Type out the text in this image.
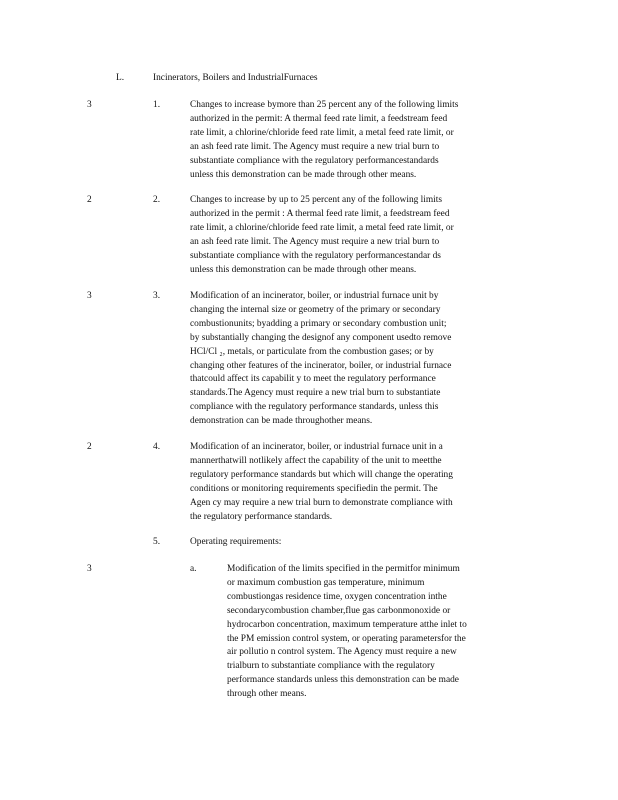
L.	Incinerators, Boilers and IndustrialFurnaces
3	1.	Changes to increase bymore than 25 percent any of the following limits
authorized in the permit: A thermal feed rate limit, a feedstream feed
rate limit, a chlorine/chloride feed rate limit, a metal feed rate limit, or
an ash feed rate limit. The Agency must require a new trial burn to
substantiate compliance with the regulatory performancestandards
unless this demonstration can be made through other means.
2	2.	Changes to increase by up to 25 percent any of the following limits
authorized in the permit : A thermal feed rate limit, a feedstream feed
rate limit, a chlorine/chloride feed rate limit, a metal feed rate limit, or
an ash feed rate limit. The Agency must require a new trial burn to
substantiate compliance with the regulatory performancestandar ds
unless this demonstration can be made through other means.
3	3.	Modification of an incinerator, boiler, or industrial furnace unit by
changing the internal size or geometry of the primary or secondary
combustionunits; byadding a primary or secondary combustion unit;
by substantially changing the designof any component usedto remove
HCl/Cl ₂, metals, or particulate from the combustion gases; or by
changing other features of the incinerator, boiler, or industrial furnace
thatcould affect its capabilit y to meet the regulatory performance
standards.The Agency must require a new trial burn to substantiate
compliance with the regulatory performance standards, unless this
demonstration can be made throughother means.
2	4.	Modification of an incinerator, boiler, or industrial furnace unit in a
mannerthatwill notlikely affect the capability of the unit to meetthe
regulatory performance standards but which will change the operating
conditions or monitoring requirements specifiedin the permit. The
Agen cy may require a new trial burn to demonstrate compliance with
the regulatory performance standards.
5.	Operating requirements:
3	a.	Modification of the limits specified in the permitfor minimum
or maximum combustion gas temperature, minimum
combustiongas residence time, oxygen concentration inthe
secondarycombustion chamber,flue gas carbonmonoxide or
hydrocarbon concentration, maximum temperature atthe inlet to
the PM emission control system, or operating parametersfor the
air pollutio n control system. The Agency must require a new
trialburn to substantiate compliance with the regulatory
performance standards unless this demonstration can be made
through other means.
